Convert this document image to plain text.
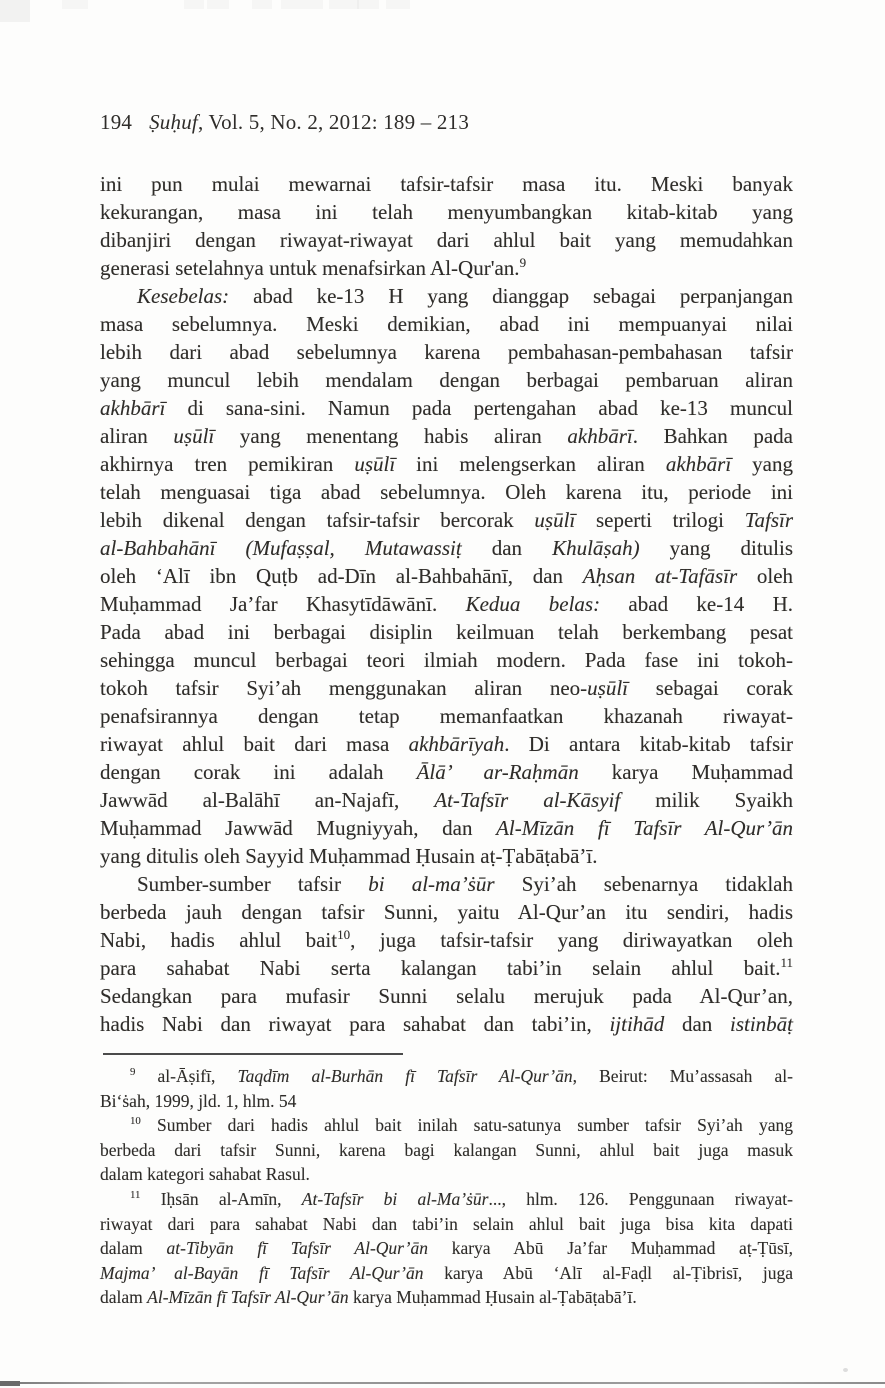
194 Ṣuḥuf, Vol. 5, No. 2, 2012: 189 – 213
ini pun mulai mewarnai tafsir-tafsir masa itu. Meski banyak
kekurangan, masa ini telah menyumbangkan kitab-kitab yang
dibanjiri dengan riwayat-riwayat dari ahlul bait yang memudahkan
generasi setelahnya untuk menafsirkan Al-Qur'an.$^9$
Kesebelas: abad ke-13 H yang dianggap sebagai perpanjangan
masa sebelumnya. Meski demikian, abad ini mempuanyai nilai
lebih dari abad sebelumnya karena pembahasan-pembahasan tafsir
yang muncul lebih mendalam dengan berbagai pembaruan aliran
akhbārī di sana-sini. Namun pada pertengahan abad ke-13 muncul
aliran uṣūlī yang menentang habis aliran akhbārī. Bahkan pada
akhirnya tren pemikiran uṣūlī ini melengserkan aliran akhbārī yang
telah menguasai tiga abad sebelumnya. Oleh karena itu, periode ini
lebih dikenal dengan tafsir-tafsir bercorak uṣūlī seperti trilogi Tafsīr
al-Bahbahānī (Mufaṣṣal, Mutawassiṭ dan Khulāṣah) yang ditulis
oleh ‘Alī ibn Quṭb ad-Dīn al-Bahbahānī, dan Aḥsan at-Tafāsīr oleh
Muḥammad Ja’far Khasytīdāwānī. Kedua belas: abad ke-14 H.
Pada abad ini berbagai disiplin keilmuan telah berkembang pesat
sehingga muncul berbagai teori ilmiah modern. Pada fase ini tokoh-
tokoh tafsir Syi’ah menggunakan aliran neo-uṣūlī sebagai corak
penafsirannya dengan tetap memanfaatkan khazanah riwayat-
riwayat ahlul bait dari masa akhbārīyah. Di antara kitab-kitab tafsir
dengan corak ini adalah Ālā’ ar-Raḥmān karya Muḥammad
Jawwād al-Balāhī an-Najafī, At-Tafsīr al-Kāsyif milik Syaikh
Muḥammad Jawwād Mugniyyah, dan Al-Mīzān fī Tafsīr Al-Qur’ān
yang ditulis oleh Sayyid Muḥammad Ḥusain aṭ-Ṭabāṭabā’ī.
Sumber-sumber tafsir bi al-ma’ṡūr Syi’ah sebenarnya tidaklah
berbeda jauh dengan tafsir Sunni, yaitu Al-Qur’an itu sendiri, hadis
Nabi, hadis ahlul bait$^{10}$, juga tafsir-tafsir yang diriwayatkan oleh
para sahabat Nabi serta kalangan tabi’in selain ahlul bait.$^{11}$
Sedangkan para mufasir Sunni selalu merujuk pada Al-Qur’an,
hadis Nabi dan riwayat para sahabat dan tabi’in, ijtihād dan istinbāṭ
$^9$ al-Āṣifī, Taqdīm al-Burhān fī Tafsīr Al-Qur’ān, Beirut: Mu’assasah al-
Bi‘ṡah, 1999, jld. 1, hlm. 54
$^{10}$ Sumber dari hadis ahlul bait inilah satu-satunya sumber tafsir Syi’ah yang
berbeda dari tafsir Sunni, karena bagi kalangan Sunni, ahlul bait juga masuk
dalam kategori sahabat Rasul.
$^{11}$ Iḥsān al-Amīn, At-Tafsīr bi al-Ma’ṡūr..., hlm. 126. Penggunaan riwayat-
riwayat dari para sahabat Nabi dan tabi’in selain ahlul bait juga bisa kita dapati
dalam at-Tibyān fī Tafsīr Al-Qur’ān karya Abū Ja’far Muḥammad aṭ-Ṭūsī,
Majma’ al-Bayān fī Tafsīr Al-Qur’ān karya Abū ‘Alī al-Faḍl al-Ṭibrisī, juga
dalam Al-Mīzān fī Tafsīr Al-Qur’ān karya Muḥammad Ḥusain al-Ṭabāṭabā’ī.
